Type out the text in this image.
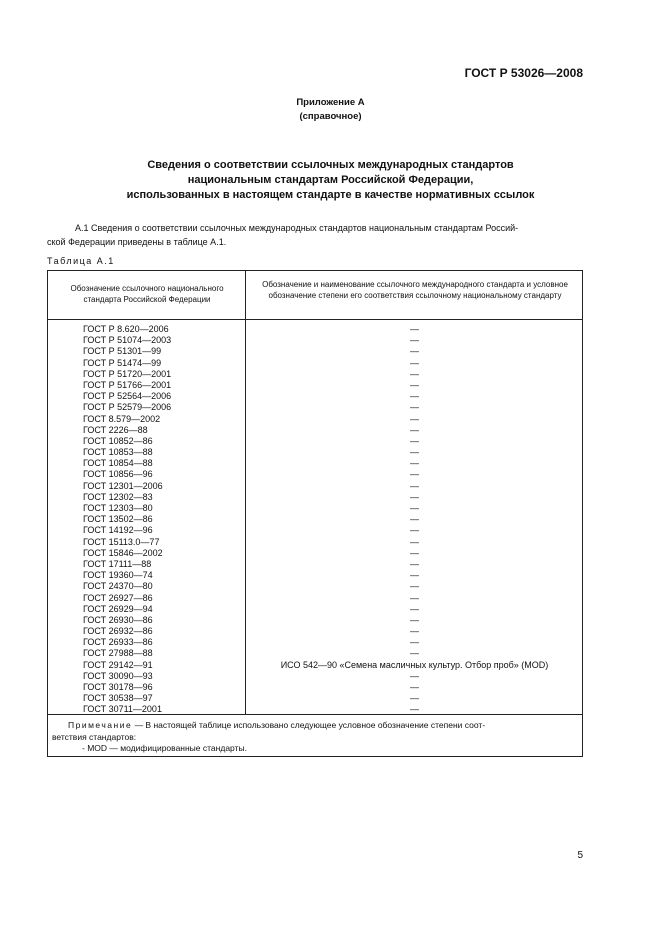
ГОСТ Р 53026—2008
Приложение А
(справочное)
Сведения о соответствии ссылочных международных стандартов
национальным стандартам Российской Федерации,
использованных в настоящем стандарте в качестве нормативных ссылок
А.1 Сведения о соответствии ссылочных международных стандартов национальным стандартам Россий-
ской Федерации приведены в таблице А.1.
Таблица А.1
Обозначение ссылочного национального стандарта Российской Федерации
Обозначение и наименование ссылочного международного стандарта и условное обозначение степени его соответствия ссылочному национальному стандарту
ГОСТ Р 8.620—2006
ГОСТ Р 51074—2003
ГОСТ Р 51301—99
ГОСТ Р 51474—99
ГОСТ Р 51720—2001
ГОСТ Р 51766—2001
ГОСТ Р 52564—2006
ГОСТ Р 52579—2006
ГОСТ 8.579—2002
ГОСТ 2226—88
ГОСТ 10852—86
ГОСТ 10853—88
ГОСТ 10854—88
ГОСТ 10856—96
ГОСТ 12301—2006
ГОСТ 12302—83
ГОСТ 12303—80
ГОСТ 13502—86
ГОСТ 14192—96
ГОСТ 15113.0—77
ГОСТ 15846—2002
ГОСТ 17111—88
ГОСТ 19360—74
ГОСТ 24370—80
ГОСТ 26927—86
ГОСТ 26929—94
ГОСТ 26930—86
ГОСТ 26932—86
ГОСТ 26933—86
ГОСТ 27988—88
ГОСТ 29142—91
ГОСТ 30090—93
ГОСТ 30178—96
ГОСТ 30538—97
ГОСТ 30711—2001
—
—
—
—
—
—
—
—
—
—
—
—
—
—
—
—
—
—
—
—
—
—
—
—
—
—
—
—
—
—
ИСО 542—90 «Семена масличных культур. Отбор проб» (MOD)
—
—
—
—
Примечание — В настоящей таблице использовано следующее условное обозначение степени соот-
ветствия стандартов:
- MOD — модифицированные стандарты.
5
